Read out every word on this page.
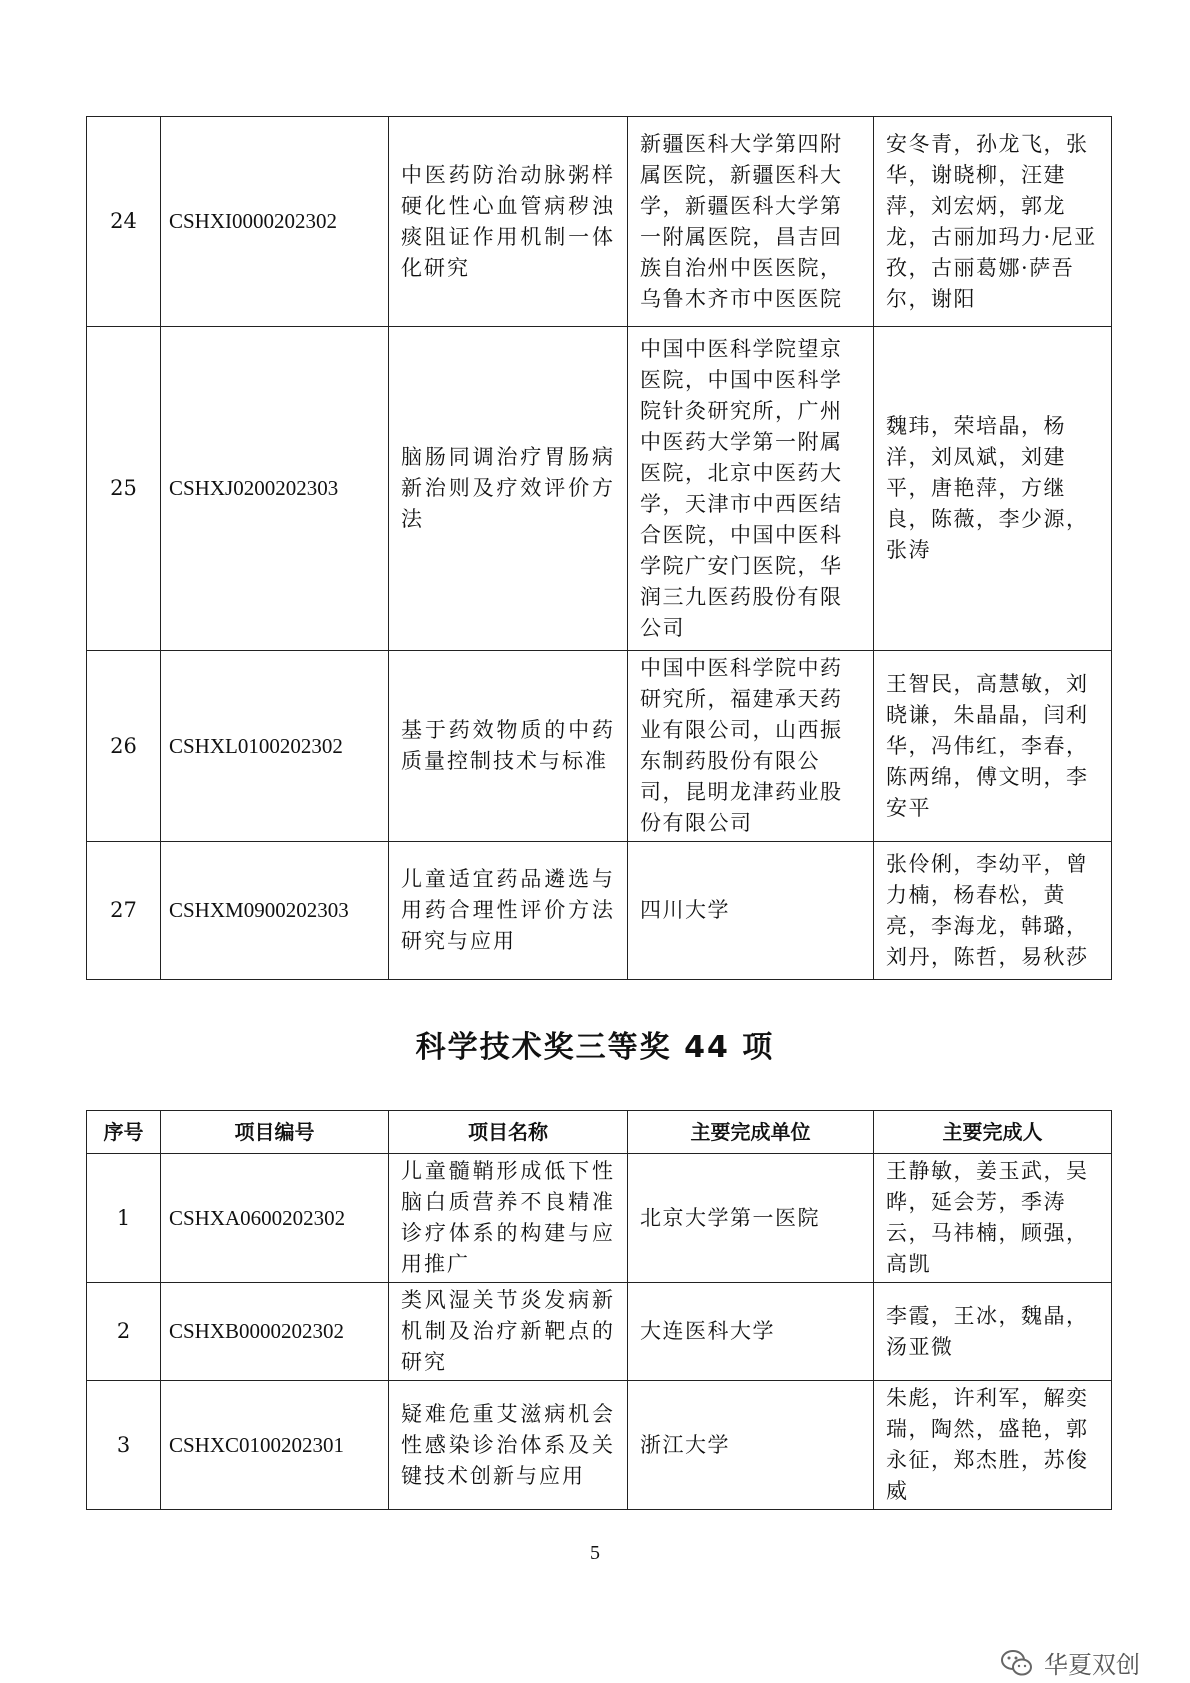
24	CSHXI0000202302	中医药防治动脉粥样硬化性心血管病秽浊痰阻证作用机制一体化研究	新疆医科大学第四附属医院，新疆医科大学，新疆医科大学第一附属医院，昌吉回族自治州中医医院，乌鲁木齐市中医医院	安冬青，孙龙飞，张华，谢晓柳，汪建萍，刘宏炳，郭龙龙，古丽加玛力·尼亚孜，古丽葛娜·萨吾尔，谢阳
25	CSHXJ0200202303	脑肠同调治疗胃肠病新治则及疗效评价方法	中国中医科学院望京医院，中国中医科学院针灸研究所，广州中医药大学第一附属医院，北京中医药大学，天津市中西医结合医院，中国中医科学院广安门医院，华润三九医药股份有限公司	魏玮，荣培晶，杨洋，刘凤斌，刘建平，唐艳萍，方继良，陈薇，李少源，张涛
26	CSHXL0100202302	基于药效物质的中药质量控制技术与标准	中国中医科学院中药研究所，福建承天药业有限公司，山西振东制药股份有限公司，昆明龙津药业股份有限公司	王智民，高慧敏，刘晓谦，朱晶晶，闫利华，冯伟红，李春，陈两绵，傅文明，李安平
27	CSHXM0900202303	儿童适宜药品遴选与用药合理性评价方法研究与应用	四川大学	张伶俐，李幼平，曾力楠，杨春松，黄亮，李海龙，韩璐，刘丹，陈哲，易秋莎
科学技术奖三等奖 44 项
序号	项目编号	项目名称	主要完成单位	主要完成人
1	CSHXA0600202302	儿童髓鞘形成低下性脑白质营养不良精准诊疗体系的构建与应用推广	北京大学第一医院	王静敏，姜玉武，吴晔，延会芳，季涛云，马祎楠，顾强，高凯
2	CSHXB0000202302	类风湿关节炎发病新机制及治疗新靶点的研究	大连医科大学	李霞，王冰，魏晶，汤亚微
3	CSHXC0100202301	疑难危重艾滋病机会性感染诊治体系及关键技术创新与应用	浙江大学	朱彪，许利军，解奕瑞，陶然，盛艳，郭永征，郑杰胜，苏俊威
5
华夏双创
